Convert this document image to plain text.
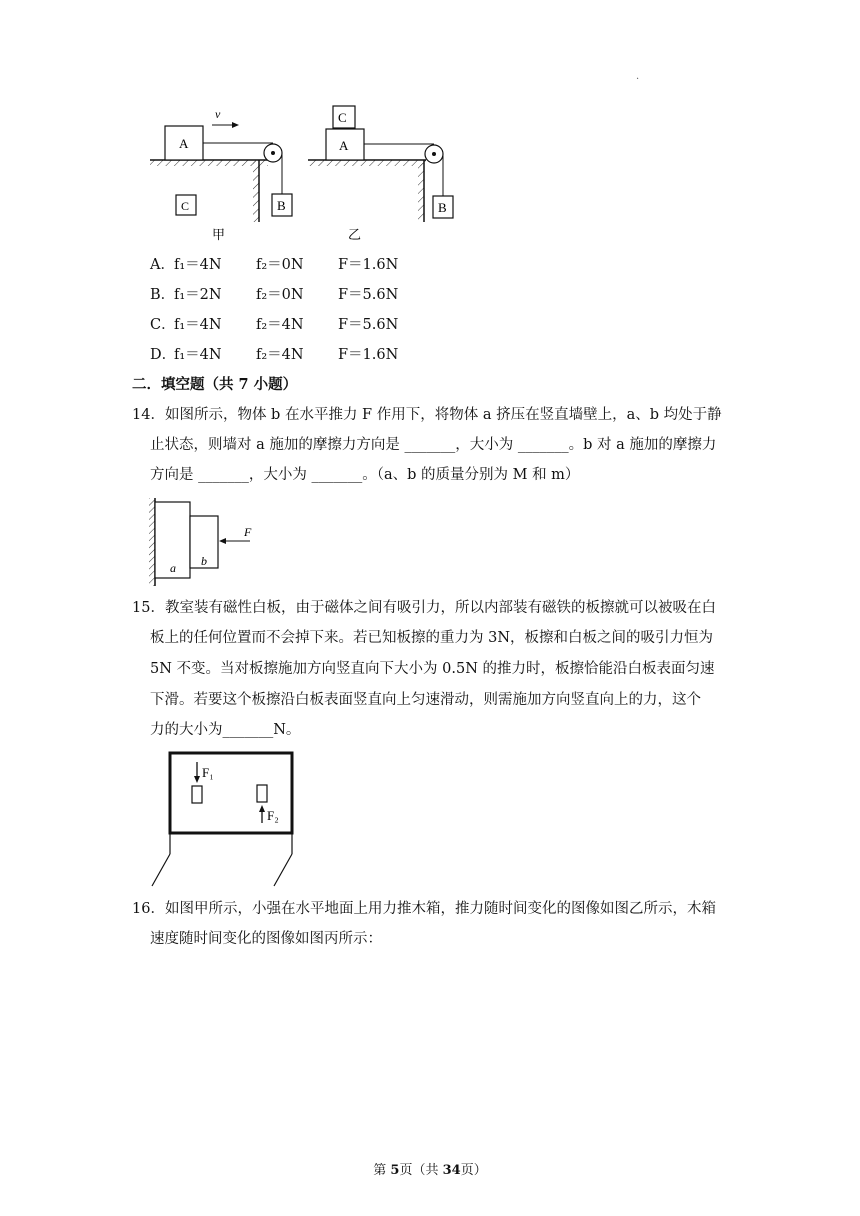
·
A
B
C
v
甲
A
C
B
乙
A． f₁＝4N f₂＝0N F＝1.6N
B．
f₁＝2N f₂＝0N F＝5.6N
C．
f₁＝4N f₂＝4N F＝5.6N
D．
f₁＝4N f₂＝4N F＝1.6N
二．填空题（共 7 小题）
14．如图所示，物体 b 在水平推力 F 作用下，将物体 a 挤压在竖直墙壁上，a、b 均处于静
止状态，则墙对 a 施加的摩擦力方向是 _______，大小为 _______。b 对 a 施加的摩擦力
方向是 _______，大小为 _______。（a、b 的质量分别为 M 和 m）
a b
F
15．教室装有磁性白板，由于磁体之间有吸引力，所以内部装有磁铁的板擦就可以被吸在白
板上的任何位置而不会掉下来。若已知板擦的重力为 3N，板擦和白板之间的吸引力恒为
5N 不变。当对板擦施加方向竖直向下大小为 0.5N 的推力时，板擦恰能沿白板表面匀速
下滑。若要这个板擦沿白板表面竖直向上匀速滑动，则需施加方向竖直向上的力，这个
力的大小为_______N。
F₁
F₂
16．如图甲所示，小强在水平地面上用力推木箱，推力随时间变化的图像如图乙所示，木箱
速度随时间变化的图像如图丙所示：
第 5页（共 34页）
